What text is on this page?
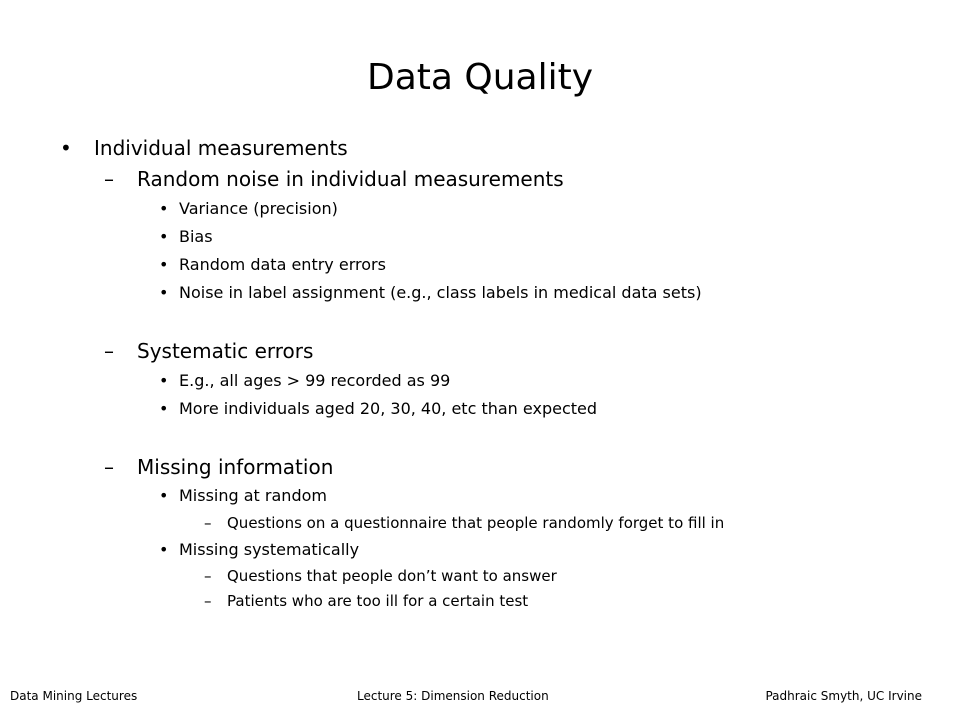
Data Quality
• Individual measurements
– Random noise in individual measurements
• Variance (precision)
• Bias
• Random data entry errors
• Noise in label assignment (e.g., class labels in medical data sets)
– Systematic errors
• E.g., all ages > 99 recorded as 99
• More individuals aged 20, 30, 40, etc than expected
– Missing information
• Missing at random
– Questions on a questionnaire that people randomly forget to fill in
• Missing systematically
– Questions that people don’t want to answer
– Patients who are too ill for a certain test
Data Mining Lectures	Lecture 5: Dimension Reduction	Padhraic Smyth, UC Irvine
